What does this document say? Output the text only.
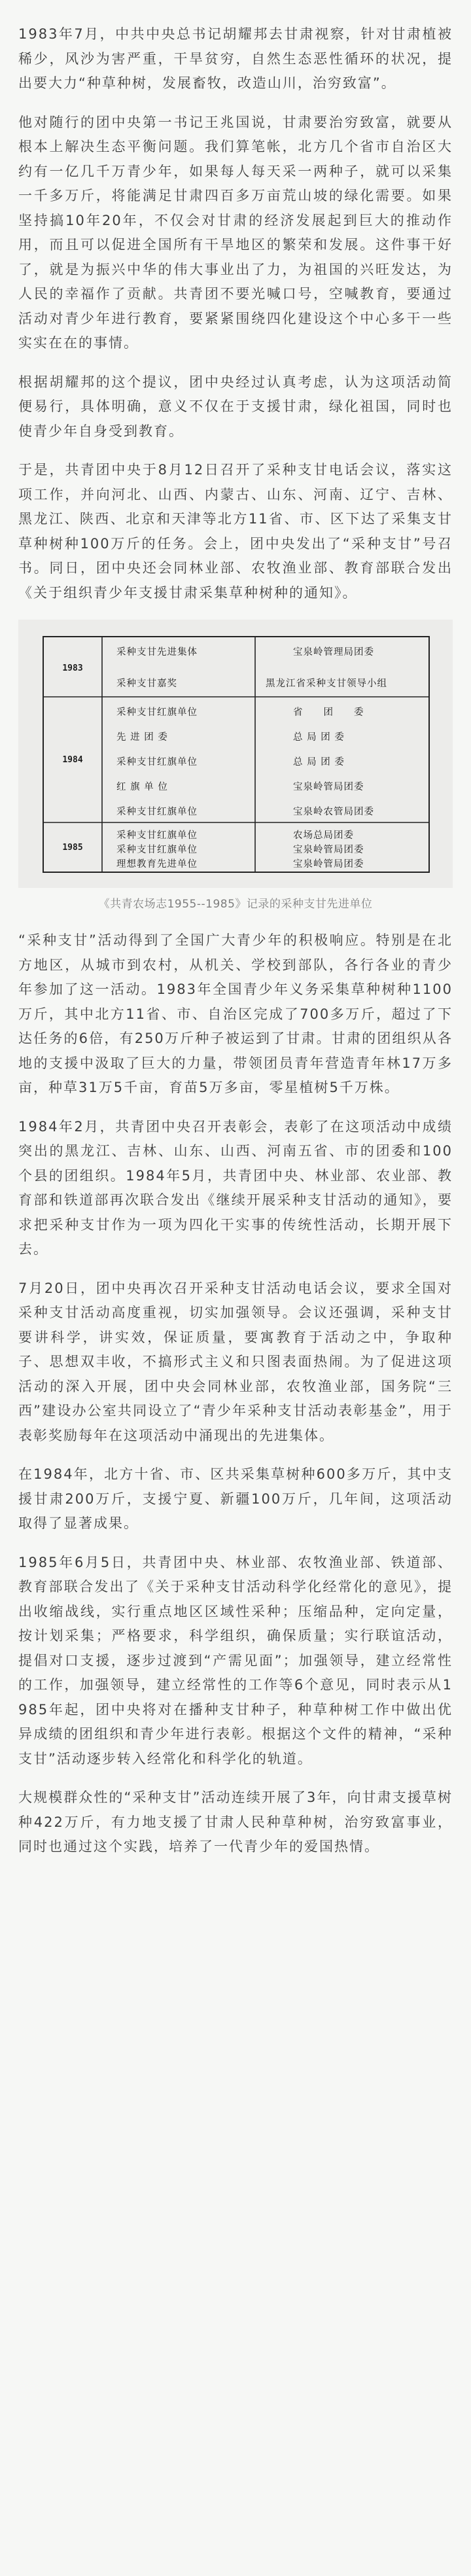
1983年7月，中共中央总书记胡耀邦去甘肃视察，针对甘肃植被稀少，风沙为害严重，干旱贫穷，自然生态恶性循环的状况，提出要大力“种草种树，发展畜牧，改造山川，治穷致富”。

他对随行的团中央第一书记王兆国说，甘肃要治穷致富，就要从根本上解决生态平衡问题。我们算笔帐，北方几个省市自治区大约有一亿几千万青少年，如果每人每天采一两种子，就可以采集一千多万斤，将能满足甘肃四百多万亩荒山坡的绿化需要。如果坚持搞10年20年，不仅会对甘肃的经济发展起到巨大的推动作用，而且可以促进全国所有干旱地区的繁荣和发展。这件事干好了，就是为振兴中华的伟大事业出了力，为祖国的兴旺发达，为人民的幸福作了贡献。共青团不要光喊口号，空喊教育，要通过活动对青少年进行教育，要紧紧围绕四化建设这个中心多干一些实实在在的事情。

根据胡耀邦的这个提议，团中央经过认真考虑，认为这项活动简便易行，具体明确，意义不仅在于支援甘肃，绿化祖国，同时也使青少年自身受到教育。

于是，共青团中央于8月12日召开了采种支甘电话会议，落实这项工作，并向河北、山西、内蒙古、山东、河南、辽宁、吉林、黑龙江、陕西、北京和天津等北方11省、市、区下达了采集支甘草种树种100万斤的任务。会上，团中央发出了“采种支甘”号召书。同日，团中央还会同林业部、农牧渔业部、教育部联合发出《关于组织青少年支援甘肃采集草种树种的通知》。

1983
1984
1985
采种支甘先进集体
采种支甘嘉奖
宝泉岭管理局团委
黑龙江省采种支甘领导小组
采种支甘红旗单位
先 进 团 委
采种支甘红旗单位
红 旗 单 位
采种支甘红旗单位
省　　团　　委
总 局 团 委
总 局 团 委
宝泉岭管局团委
宝泉岭农管局团委
采种支甘红旗单位
采种支甘红旗单位
理想教育先进单位
农场总局团委
宝泉岭管局团委
宝泉岭管局团委
《共青农场志1955--1985》记录的采种支甘先进单位

“采种支甘”活动得到了全国广大青少年的积极响应。特别是在北方地区，从城市到农村，从机关、学校到部队，各行各业的青少年参加了这一活动。1983年全国青少年义务采集草种树种1100万斤，其中北方11省、市、自治区完成了700多万斤，超过了下达任务的6倍，有250万斤种子被运到了甘肃。甘肃的团组织从各地的支援中汲取了巨大的力量，带领团员青年营造青年林17万多亩，种草31万5千亩，育苗5万多亩，零星植树5千万株。

1984年2月，共青团中央召开表彰会，表彰了在这项活动中成绩突出的黑龙江、吉林、山东、山西、河南五省、市的团委和100个县的团组织。1984年5月，共青团中央、林业部、农业部、教育部和铁道部再次联合发出《继续开展采种支甘活动的通知》，要求把采种支甘作为一项为四化干实事的传统性活动，长期开展下去。

7月20日，团中央再次召开采种支甘活动电话会议，要求全国对采种支甘活动高度重视，切实加强领导。会议还强调，采种支甘要讲科学，讲实效，保证质量，要寓教育于活动之中，争取种子、思想双丰收，不搞形式主义和只图表面热闹。为了促进这项活动的深入开展，团中央会同林业部，农牧渔业部，国务院“三西”建设办公室共同设立了“青少年采种支甘活动表彰基金”，用于表彰奖励每年在这项活动中涌现出的先进集体。

在1984年，北方十省、市、区共采集草树种600多万斤，其中支援甘肃200万斤，支援宁夏、新疆100万斤，几年间，这项活动取得了显著成果。

1985年6月5日，共青团中央、林业部、农牧渔业部、铁道部、教育部联合发出了《关于采种支甘活动科学化经常化的意见》，提出收缩战线，实行重点地区区域性采种；压缩品种，定向定量，按计划采集；严格要求，科学组织，确保质量；实行联谊活动，提倡对口支援，逐步过渡到“产需见面”；加强领导，建立经常性的工作，加强领导，建立经常性的工作等6个意见，同时表示从1985年起，团中央将对在播种支甘种子，种草种树工作中做出优异成绩的团组织和青少年进行表彰。根据这个文件的精神，“采种支甘”活动逐步转入经常化和科学化的轨道。

大规模群众性的“采种支甘”活动连续开展了3年，向甘肃支援草树种422万斤，有力地支援了甘肃人民种草种树，治穷致富事业，同时也通过这个实践，培养了一代青少年的爱国热情。
